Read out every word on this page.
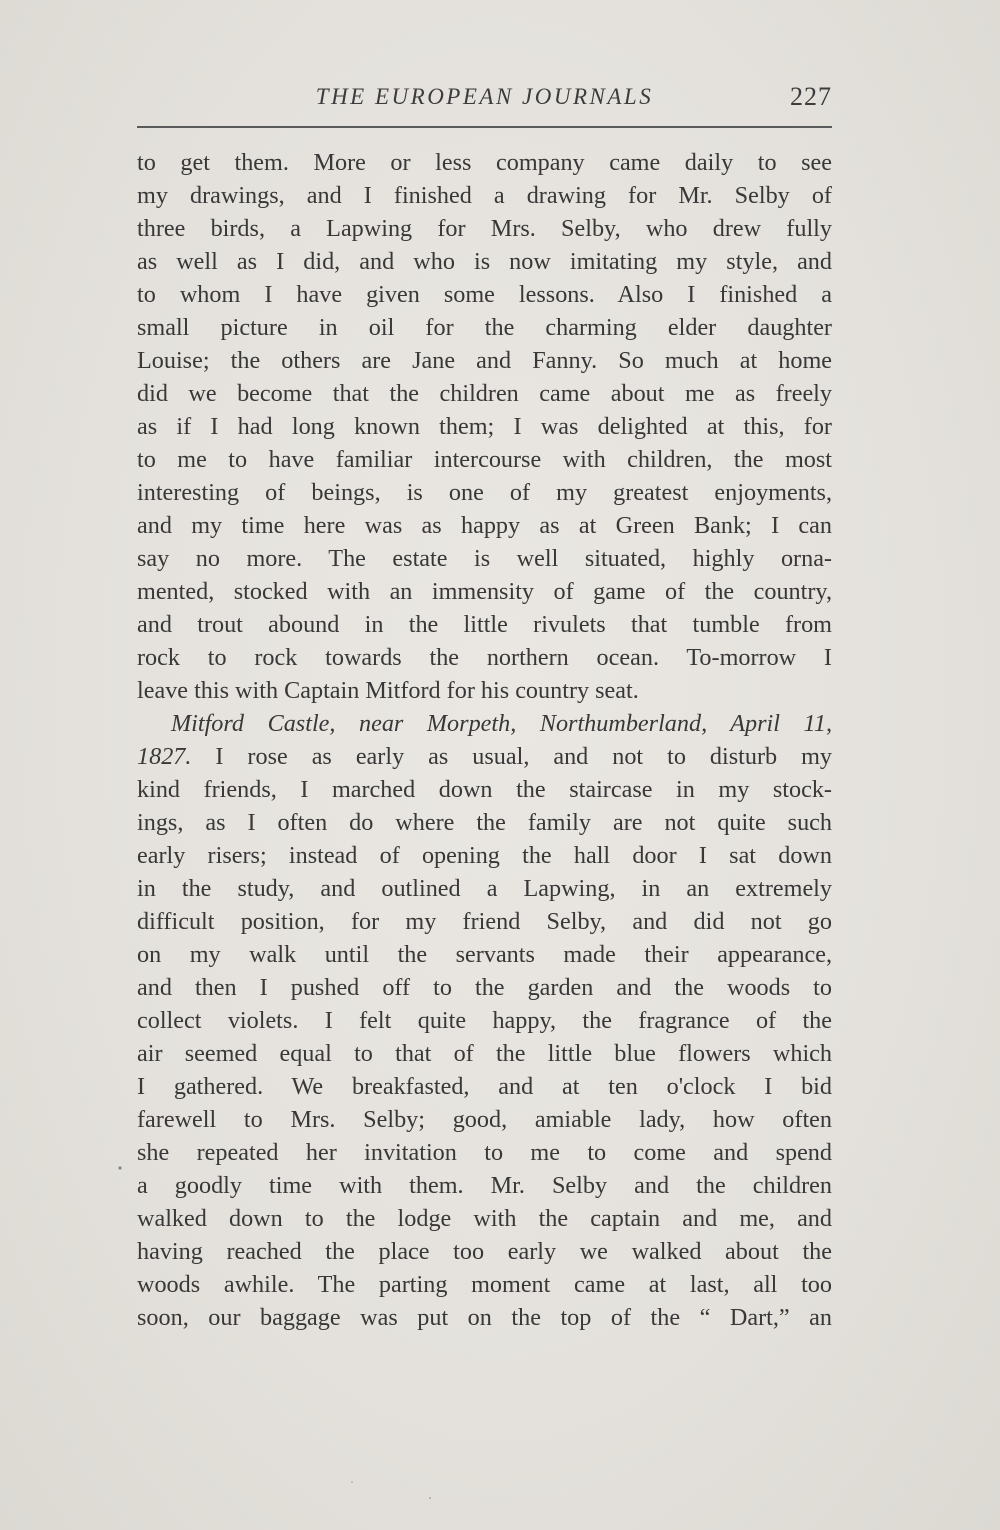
THE EUROPEAN JOURNALS	227
to get them. More or less company came daily to see
my drawings, and I finished a drawing for Mr. Selby of
three birds, a Lapwing for Mrs. Selby, who drew fully
as well as I did, and who is now imitating my style, and
to whom I have given some lessons. Also I finished a
small picture in oil for the charming elder daughter
Louise; the others are Jane and Fanny. So much at home
did we become that the children came about me as freely
as if I had long known them; I was delighted at this, for
to me to have familiar intercourse with children, the most
interesting of beings, is one of my greatest enjoyments,
and my time here was as happy as at Green Bank; I can
say no more. The estate is well situated, highly orna-
mented, stocked with an immensity of game of the country,
and trout abound in the little rivulets that tumble from
rock to rock towards the northern ocean. To-morrow I
leave this with Captain Mitford for his country seat.
Mitford Castle, near Morpeth, Northumberland, April 11,
1827. I rose as early as usual, and not to disturb my
kind friends, I marched down the staircase in my stock-
ings, as I often do where the family are not quite such
early risers; instead of opening the hall door I sat down
in the study, and outlined a Lapwing, in an extremely
difficult position, for my friend Selby, and did not go
on my walk until the servants made their appearance,
and then I pushed off to the garden and the woods to
collect violets. I felt quite happy, the fragrance of the
air seemed equal to that of the little blue flowers which
I gathered. We breakfasted, and at ten o'clock I bid
farewell to Mrs. Selby; good, amiable lady, how often
she repeated her invitation to me to come and spend
a goodly time with them. Mr. Selby and the children
walked down to the lodge with the captain and me, and
having reached the place too early we walked about the
woods awhile. The parting moment came at last, all too
soon, our baggage was put on the top of the “ Dart,” an
